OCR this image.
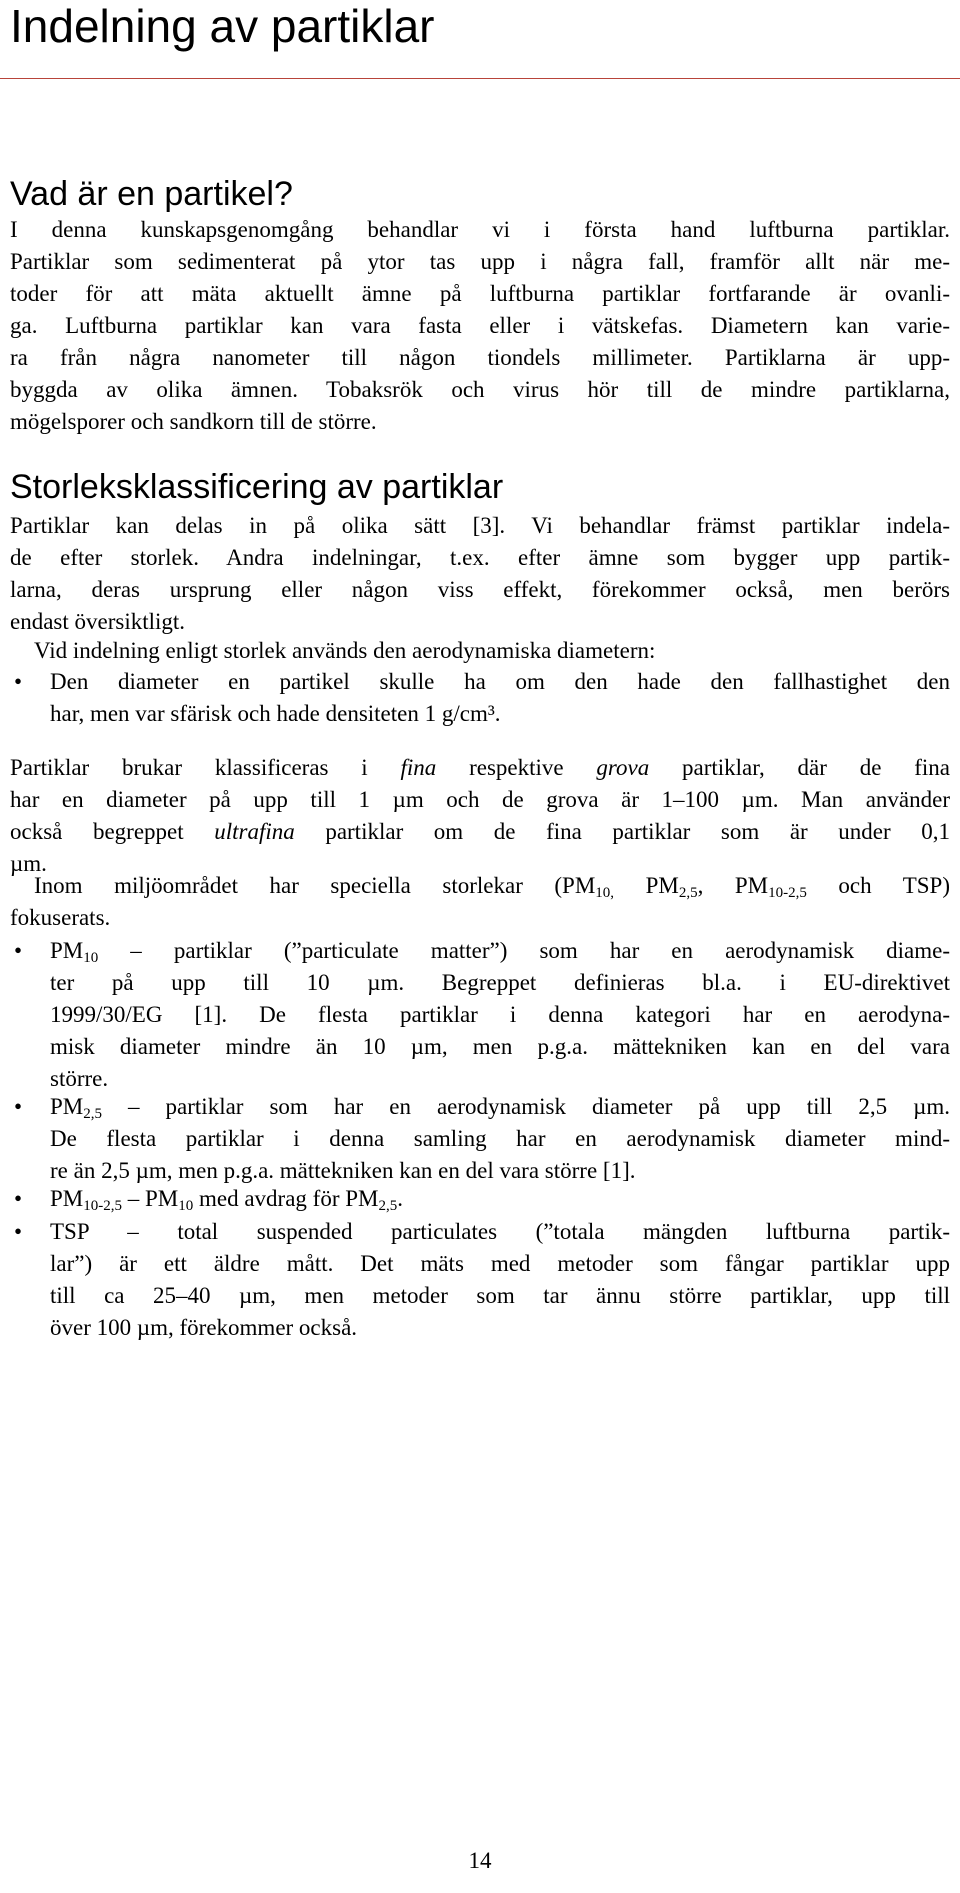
Indelning av partiklar
Vad är en partikel?
I denna kunskapsgenomgång behandlar vi i första hand luftburna partiklar.
Partiklar som sedimenterat på ytor tas upp i några fall, framför allt när me-
toder för att mäta aktuellt ämne på luftburna partiklar fortfarande är ovanli-
ga. Luftburna partiklar kan vara fasta eller i vätskefas. Diametern kan varie-
ra från några nanometer till någon tiondels millimeter. Partiklarna är upp-
byggda av olika ämnen. Tobaksrök och virus hör till de mindre partiklarna,
mögelsporer och sandkorn till de större.
Storleksklassificering av partiklar
Partiklar kan delas in på olika sätt [3]. Vi behandlar främst partiklar indela-
de efter storlek. Andra indelningar, t.ex. efter ämne som bygger upp partik-
larna, deras ursprung eller någon viss effekt, förekommer också, men berörs
endast översiktligt.
Vid indelning enligt storlek används den aerodynamiska diametern:
• Den diameter en partikel skulle ha om den hade den fallhastighet den
har, men var sfärisk och hade densiteten 1 g/cm³.
Partiklar brukar klassificeras i fina respektive grova partiklar, där de fina
har en diameter på upp till 1 µm och de grova är 1–100 µm. Man använder
också begreppet ultrafina partiklar om de fina partiklar som är under 0,1
µm.
Inom miljöområdet har speciella storlekar ($PM_{10,}$ $PM_{2,5}$, $PM_{10-2,5}$ och TSP)
fokuserats.
• $PM_{10}$ – partiklar (”particulate matter”) som har en aerodynamisk diame-
ter på upp till 10 µm. Begreppet definieras bl.a. i EU-direktivet
1999/30/EG [1]. De flesta partiklar i denna kategori har en aerodyna-
misk diameter mindre än 10 µm, men p.g.a. mättekniken kan en del vara
större.
• $PM_{2,5}$ – partiklar som har en aerodynamisk diameter på upp till 2,5 µm.
De flesta partiklar i denna samling har en aerodynamisk diameter mind-
re än 2,5 µm, men p.g.a. mättekniken kan en del vara större [1].
• $PM_{10-2,5} - PM_{10}$ med avdrag för $PM_{2,5}$.
• TSP – total suspended particulates (”totala mängden luftburna partik-
lar”) är ett äldre mått. Det mäts med metoder som fångar partiklar upp
till ca 25–40 µm, men metoder som tar ännu större partiklar, upp till
över 100 µm, förekommer också.
14
